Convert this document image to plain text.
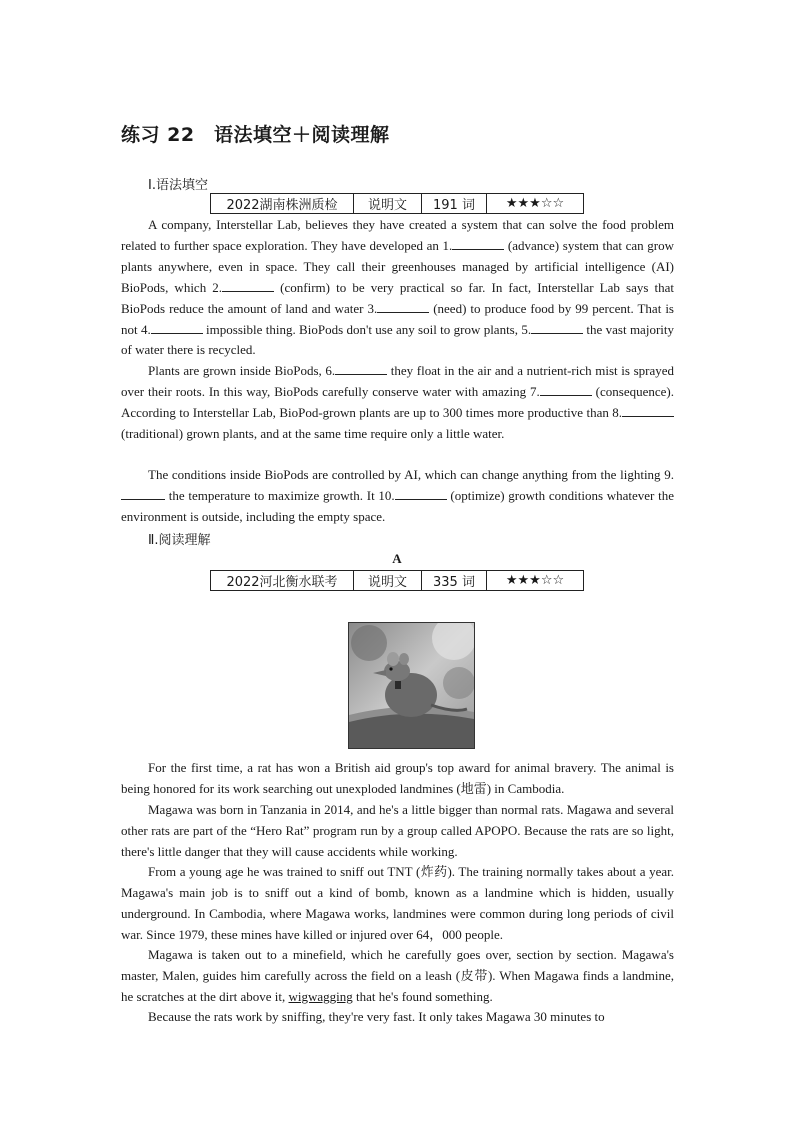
练习 22　语法填空＋阅读理解
Ⅰ.语法填空
2022湖南株洲质检	说明文	191 词	★★★☆☆

A company, Interstellar Lab, believes they have created a system that can solve the food problem related to further space exploration. They have developed an 1.	(advance) system that can grow plants anywhere, even in space. They call their greenhouses managed by artificial intelligence (AI) BioPods, which 2.	(confirm) to be very practical so far. In fact, Interstellar Lab says that BioPods reduce the amount of land and water 3.	(need) to produce food by 99 percent. That is not 4.	impossible thing. BioPods don't use any soil to grow plants, 5.	the vast majority of water there is recycled.

Plants are grown inside BioPods, 6.	they float in the air and a nutrient-rich mist is sprayed over their roots. In this way, BioPods carefully conserve water with amazing 7.	(consequence). According to Interstellar Lab, BioPod-grown plants are up to 300 times more productive than 8. (traditional) grown plants, and at the same time require only a little water.

The conditions inside BioPods are controlled by AI, which can change anything from the lighting 9. the temperature to maximize growth. It 10.	(optimize) growth conditions whatever the environment is outside, including the empty space.

Ⅱ.阅读理解
A
2022河北衡水联考	说明文	335 词	★★★☆☆

For the first time, a rat has won a British aid group's top award for animal bravery. The animal is being honored for its work searching out unexploded landmines (地雷) in Cambodia.

Magawa was born in Tanzania in 2014, and he's a little bigger than normal rats. Magawa and several other rats are part of the “Hero Rat” program run by a group called APOPO. Because the rats are so light, there's little danger that they will cause accidents while working.

From a young age he was trained to sniff out TNT (炸药). The training normally takes about a year. Magawa's main job is to sniff out a kind of bomb, known as a landmine which is hidden, usually underground. In Cambodia, where Magawa works, landmines were common during long periods of civil war. Since 1979, these mines have killed or injured over 64，000 people.

Magawa is taken out to a minefield, which he carefully goes over, section by section. Magawa's master, Malen, guides him carefully across the field on a leash (皮带). When Magawa finds a landmine, he scratches at the dirt above it, wigwagging that he's found something.

Because the rats work by sniffing, they're very fast. It only takes Magawa 30 minutes to
